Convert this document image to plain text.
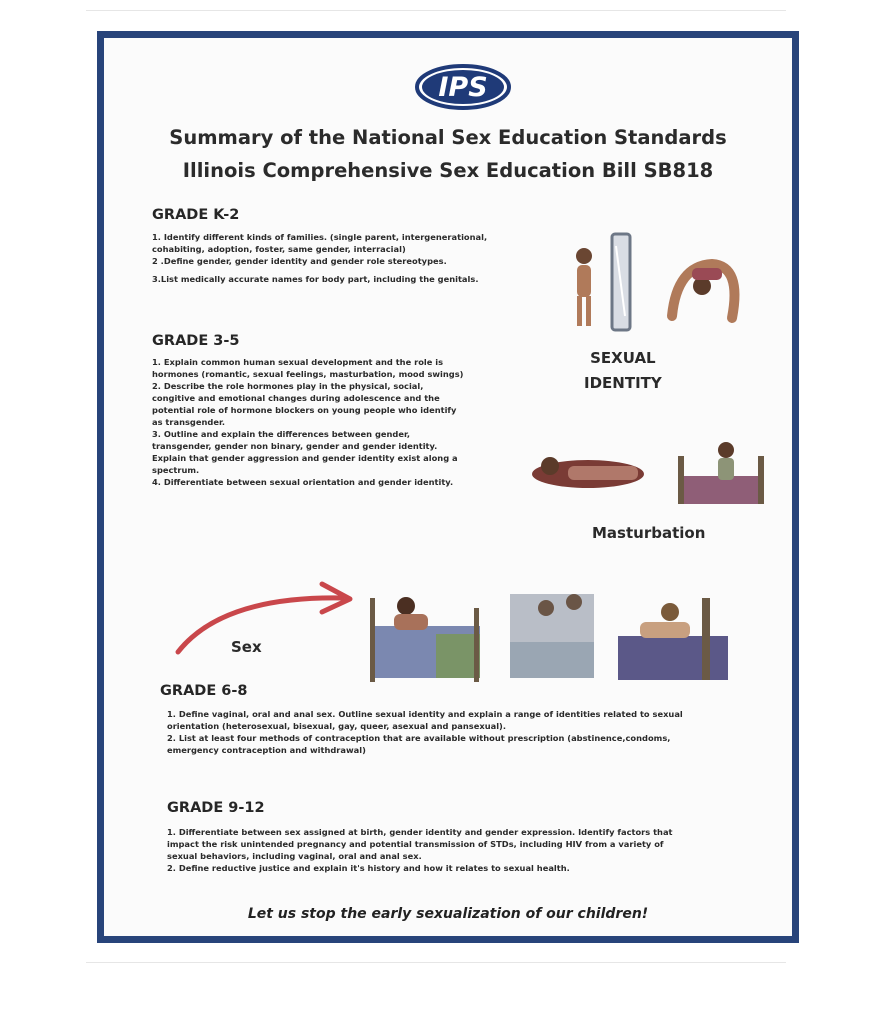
IPS
Summary of the National Sex Education Standards
Illinois Comprehensive Sex Education Bill SB818
GRADE K-2
1. Identify different kinds of families. (single parent, intergenerational,
cohabiting, adoption, foster, same gender, interracial)
2 .Define gender, gender identity and gender role stereotypes.
3.List medically accurate names for body part, including the genitals.
GRADE 3-5
1. Explain common human sexual development and the role is
hormones (romantic, sexual feelings, masturbation, mood swings)
2. Describe the role hormones play in the physical, social,
congitive and emotional changes during adolescence and the
potential role of hormone blockers on young people who identify
as transgender.
3. Outline and explain the differences between gender,
transgender, gender non binary, gender and gender identity.
Explain that gender aggression and gender identity exist along a
spectrum.
4. Differentiate between sexual orientation and gender identity.
SEXUAL
IDENTITY
Masturbation
Sex
GRADE 6-8
1. Define vaginal, oral and anal sex. Outline sexual identity and explain a range of identities related to sexual
orientation (heterosexual, bisexual, gay, queer, asexual and pansexual).
2. List at least four methods of contraception that are available without prescription (abstinence,condoms,
emergency contraception and withdrawal)
GRADE 9-12
1. Differentiate between sex assigned at birth, gender identity and gender expression. Identify factors that
impact the risk unintended pregnancy and potential transmission of STDs, including HIV from a variety of
sexual behaviors, including vaginal, oral and anal sex.
2. Define reductive justice and explain it's history and how it relates to sexual health.
Let us stop the early sexualization of our children!
